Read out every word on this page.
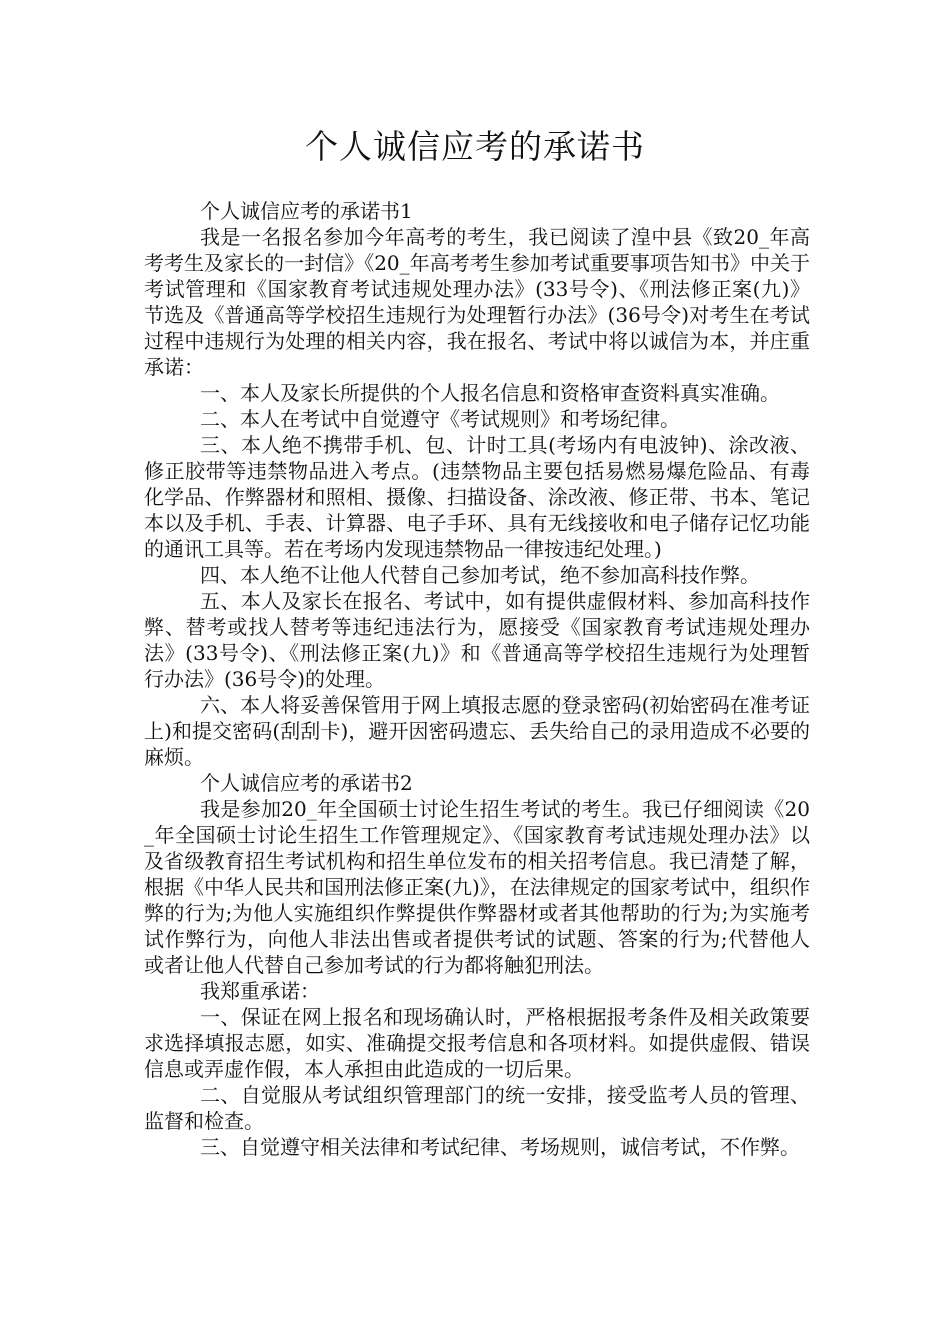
个人诚信应考的承诺书

个人诚信应考的承诺书1

我是一名报名参加今年高考的考生，我已阅读了湟中县《致20_年高考考生及家长的一封信》《20_年高考考生参加考试重要事项告知书》中关于考试管理和《国家教育考试违规处理办法》(33号令)、《刑法修正案(九)》节选及《普通高等学校招生违规行为处理暂行办法》(36号令)对考生在考试过程中违规行为处理的相关内容，我在报名、考试中将以诚信为本，并庄重承诺：

一、本人及家长所提供的个人报名信息和资格审查资料真实准确。

二、本人在考试中自觉遵守《考试规则》和考场纪律。

三、本人绝不携带手机、包、计时工具(考场内有电波钟)、涂改液、修正胶带等违禁物品进入考点。(违禁物品主要包括易燃易爆危险品、有毒化学品、作弊器材和照相、摄像、扫描设备、涂改液、修正带、书本、笔记本以及手机、手表、计算器、电子手环、具有无线接收和电子储存记忆功能的通讯工具等。若在考场内发现违禁物品一律按违纪处理。)

四、本人绝不让他人代替自己参加考试，绝不参加高科技作弊。

五、本人及家长在报名、考试中，如有提供虚假材料、参加高科技作弊、替考或找人替考等违纪违法行为，愿接受《国家教育考试违规处理办法》(33号令)、《刑法修正案(九)》和《普通高等学校招生违规行为处理暂行办法》(36号令)的处理。

六、本人将妥善保管用于网上填报志愿的登录密码(初始密码在准考证上)和提交密码(刮刮卡)，避开因密码遗忘、丢失给自己的录用造成不必要的麻烦。

个人诚信应考的承诺书2

我是参加20_年全国硕士讨论生招生考试的考生。我已仔细阅读《20_年全国硕士讨论生招生工作管理规定》、《国家教育考试违规处理办法》以及省级教育招生考试机构和招生单位发布的相关招考信息。我已清楚了解，根据《中华人民共和国刑法修正案(九)》，在法律规定的国家考试中，组织作弊的行为;为他人实施组织作弊提供作弊器材或者其他帮助的行为;为实施考试作弊行为，向他人非法出售或者提供考试的试题、答案的行为;代替他人或者让他人代替自己参加考试的行为都将触犯刑法。

我郑重承诺：

一、保证在网上报名和现场确认时，严格根据报考条件及相关政策要求选择填报志愿，如实、准确提交报考信息和各项材料。如提供虚假、错误信息或弄虚作假，本人承担由此造成的一切后果。

二、自觉服从考试组织管理部门的统一安排，接受监考人员的管理、监督和检查。

三、自觉遵守相关法律和考试纪律、考场规则，诚信考试，不作弊。
